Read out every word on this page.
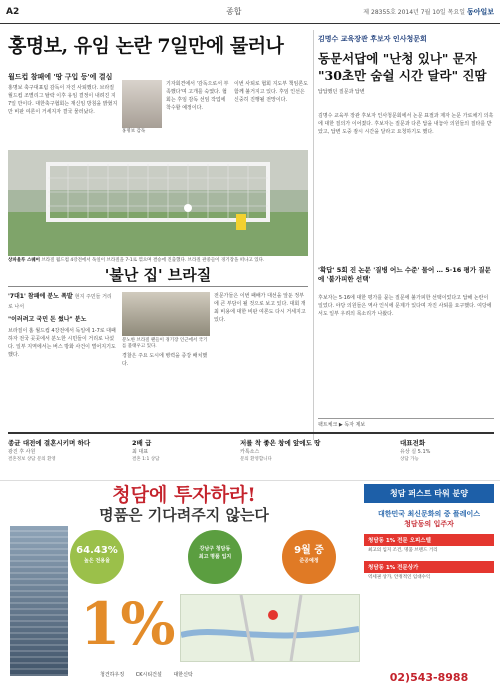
A2	종합	제 28355호 2014년 7월 10일 목요일 동아일보
홍명보, 유임 논란 7일만에 물러나
월드컵 참패에 '땅 구입 등'에 결심

홍명보 축구대표팀 감독이 자진 사퇴했다. 브라질 월드컵 조별리그 탈락 이후 유임 결정이 내려진 지 7일 만이다. 대한축구협회는 재신임 방침을 밝혔지만 비판 여론이 거세지자 결국 물러났다.

홍명보 감독

기자회견에서 '​감독으로서 부족했다​'며 고개를 숙였다. 협회는 후임 감독 선임 작업에 착수할 예정이다.

이번 사퇴로 협회 지도부 책임론도 함께 불거지고 있다. 후임 인선은 신중히 진행될 전망이다.

김명수 교육장관 후보자 인사청문회
동문서답에 "난청 있나" 문자 "30초만 숨쉴 시간 달라" 진땀
답답했던 질문과 답변

김명수 교육부 장관 후보자 인사청문회에서 논문 표절과 제자 논문 가로채기 의혹에 대한 질의가 이어졌다. 후보자는 질문과 다른 답을 내놓아 의원들의 질타를 받았고, 답변 도중 잠시 시간을 달라고 요청하기도 했다.

상파울루 스퀘어 브라질 월드컵 4강전에서 독일이 브라질을 7-1로 꺾으며 결승에 진출했다. 브라질 관중들이 경기장을 떠나고 있다.
'불난 집' 브라질
'7대1' 참패에 분노 폭발 현지 주민들 거리로 나서
"이러려고 국민 돈 썼나" 분노

브라질이 홈 월드컵 4강전에서 독일에 1-7로 대패하자 전국 곳곳에서 분노한 시민들이 거리로 나섰다. 일부 지역에서는 버스 방화 사건이 벌어지기도 했다.

분노한 브라질 팬들이 경기장 인근에서 국기를 불태우고 있다.

경찰은 주요 도시에 병력을 증강 배치했다.

전문가들은 이번 패배가 대선을 앞둔 정부에 큰 부담이 될 것으로 보고 있다. 대회 개최 비용에 대한 비판 여론도 다시 거세지고 있다.

'확답' 5회 진 논문 '질병 어느 수준' 물어 … 5·16 평가 질문에 '불가피한 선택'

후보자는 5·16에 대한 평가를 묻는 질문에 불가피한 선택이었다고 답해 논란이 일었다. 야당 의원들은 역사 인식에 문제가 있다며 자진 사퇴를 요구했다. 여당에서도 일부 우려의 목소리가 나왔다.

팩트체크 ▶ 독자 제보
종균 대전에 결혼시키며 하다
광진 후 사원
결혼정보 상담 문의 환영
2배 급
최 대표
결혼 1:1 상담
저를 착 좋은 창에 앞에도 땅
카톡소스
문의 환영합니다
대표전화
유상 실 5.1%
상담 가능
청담에 투자하라!
명품은 기다려주지 않는다
64.43%
높은 전용율
강남구 청담동
최고 명품 입지
9월 중
준공예정
1%
청건하우징 CK시티건설 대한신탁
청담 퍼스트 타워 분양
대한민국 최신문화의 중 플레이스
청담동의 입주자
청담동 1% 전문 오피스텔
최고의 입지 조건, 명품 브랜드 거리
청담동 1% 전문상가
역세권 상가, 안정적인 임대수익
02)543-8988
